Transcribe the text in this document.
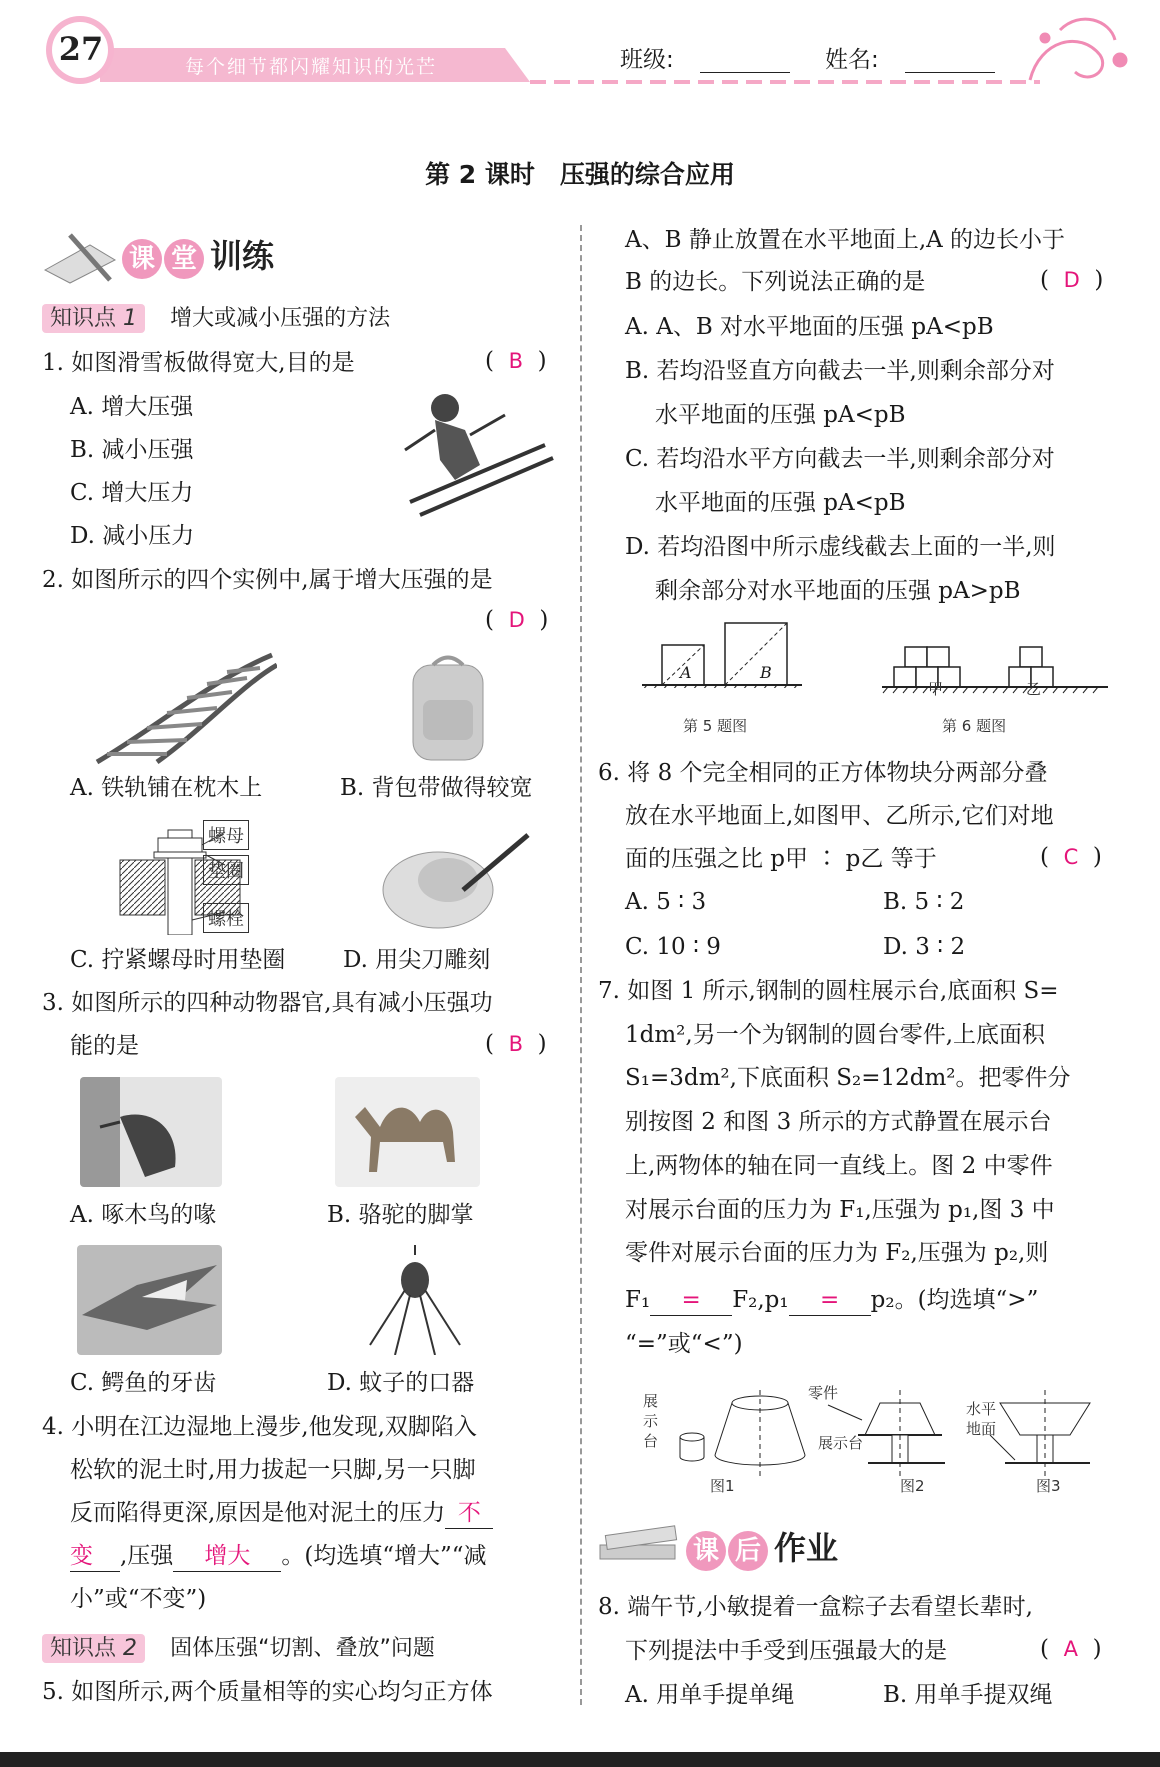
27	每个细节都闪耀知识的光芒	班级:	姓名:
第 2 课时　压强的综合应用
课 堂 训练
知识点 1 增大或减小压强的方法
1. 如图滑雪板做得宽大,目的是	(  B  )
A. 增大压强
B. 减小压强
C. 增大压力
D. 减小压力
2. 如图所示的四个实例中,属于增大压强的是
(  D  )
A. 铁轨铺在枕木上	B. 背包带做得较宽
螺母
垫圈
螺栓
C. 拧紧螺母时用垫圈	D. 用尖刀雕刻
3. 如图所示的四种动物器官,具有减小压强功
能的是	(  B  )
A. 啄木鸟的喙	B. 骆驼的脚掌
C. 鳄鱼的牙齿	D. 蚊子的口器
4. 小明在江边湿地上漫步,他发现,双脚陷入
松软的泥土时,用力拔起一只脚,另一只脚
反而陷得更深,原因是他对泥土的压力 不
变 ,压强 增大 。(均选填“增大”“减
小”或“不变”)
知识点 2 固体压强“切割、叠放”问题
5. 如图所示,两个质量相等的实心均匀正方体
A、B 静止放置在水平地面上,A 的边长小于
B 的边长。下列说法正确的是	(  D  )
A. A、B 对水平地面的压强 pA<pB
B. 若均沿竖直方向截去一半,则剩余部分对
水平地面的压强 pA<pB
C. 若均沿水平方向截去一半,则剩余部分对
水平地面的压强 pA<pB
D. 若均沿图中所示虚线截去上面的一半,则
剩余部分对水平地面的压强 pA>pB
A	B
第 5 题图
甲	乙
第 6 题图
6. 将 8 个完全相同的正方体物块分两部分叠
放在水平地面上,如图甲、乙所示,它们对地
面的压强之比 p甲 ∶ p乙 等于	(  C  )
A. 5 ∶ 3	B. 5 ∶ 2
C. 10 ∶ 9	D. 3 ∶ 2
7. 如图 1 所示,钢制的圆柱展示台,底面积 S=
1dm²,另一个为钢制的圆台零件,上底面积
S₁=3dm²,下底面积 S₂=12dm²。把零件分
别按图 2 和图 3 所示的方式静置在展示台
上,两物体的轴在同一直线上。图 2 中零件
对展示台面的压力为 F₁,压强为 p₁,图 3 中
零件对展示台面的压力为 F₂,压强为 p₂,则
F₁ = F₂,p₁ = p₂。(均选填“>”
“=”或“<”)
展
示
台
零件
展示台
水平
地面
图1	图2	图3
课 后 作业
8. 端午节,小敏提着一盒粽子去看望长辈时,
下列提法中手受到压强最大的是	(  A  )
A. 用单手提单绳	B. 用单手提双绳
